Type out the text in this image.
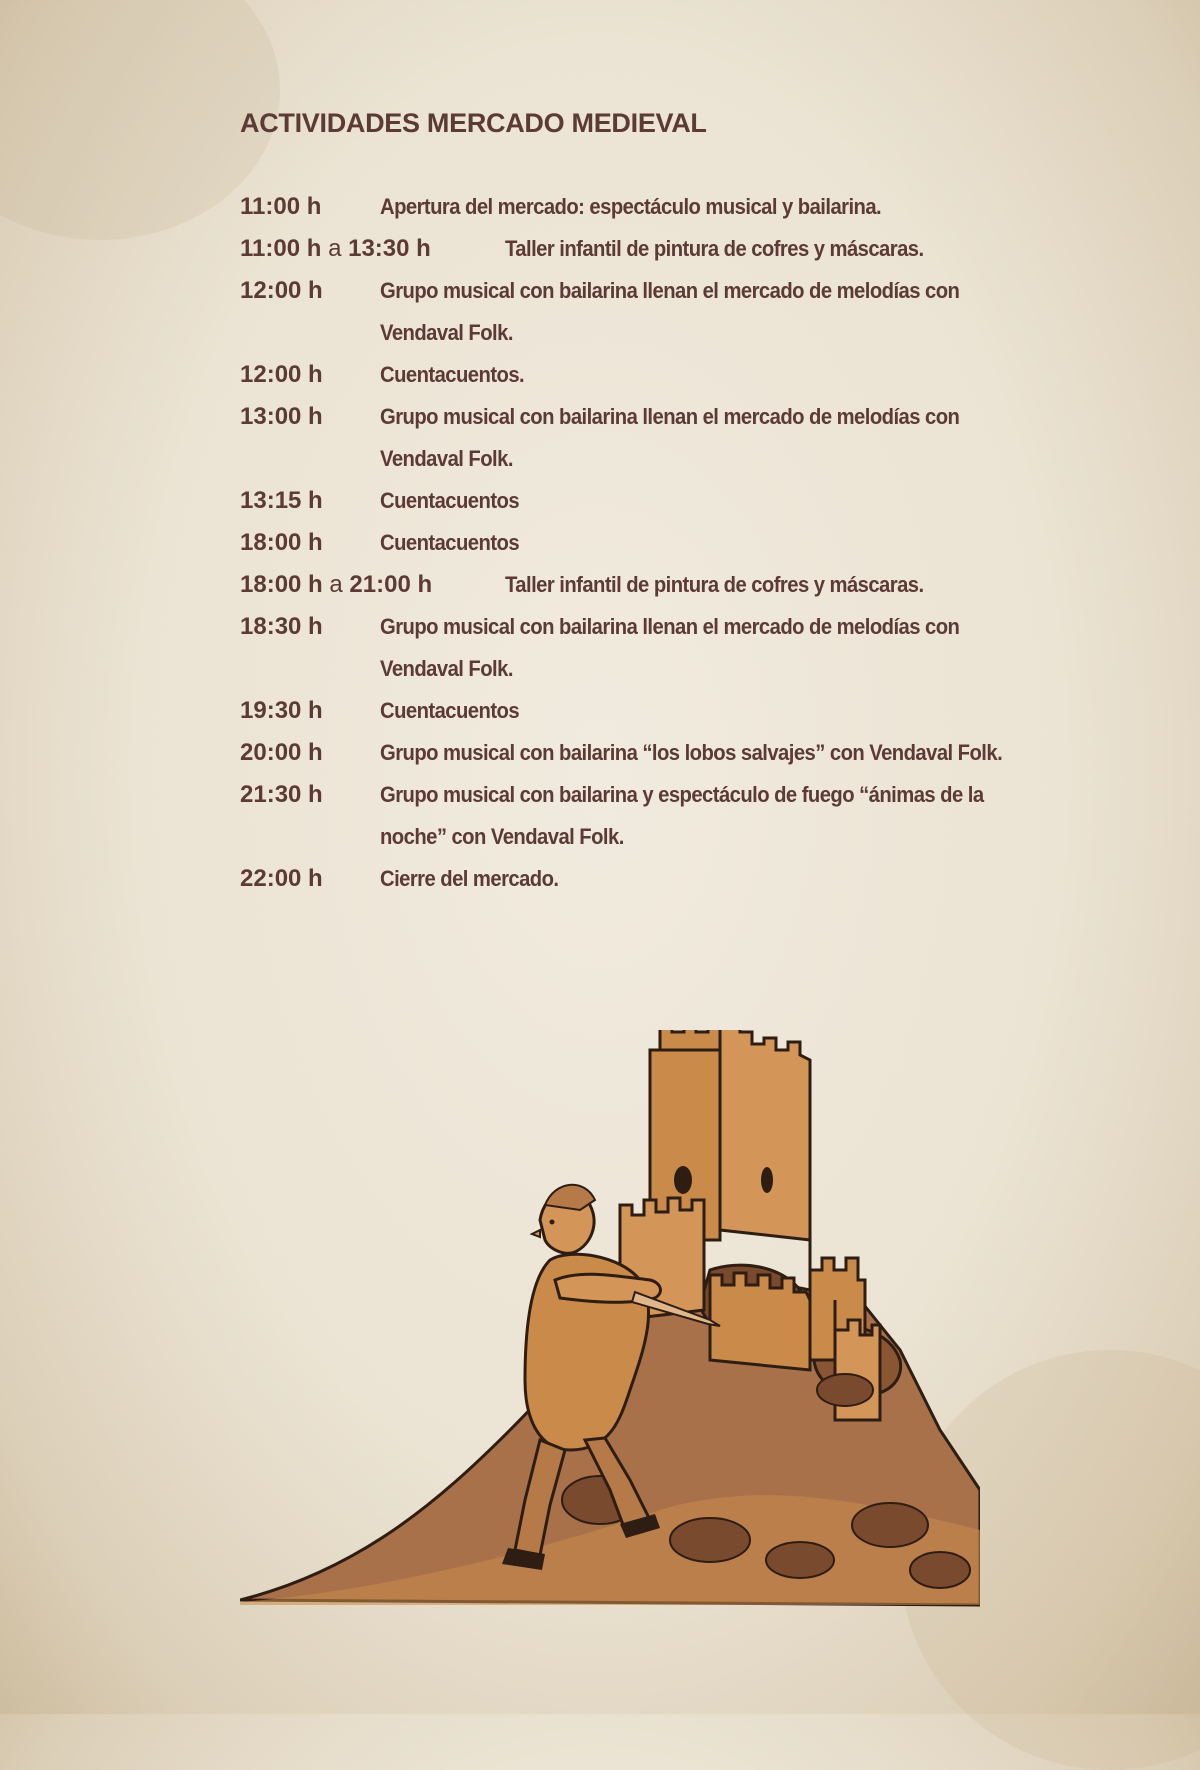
ACTIVIDADES MERCADO MEDIEVAL
11:00 h	Apertura del mercado: espectáculo musical y bailarina.
11:00 h a 13:30 h	Taller infantil de pintura de cofres y máscaras.
12:00 h	Grupo musical con bailarina llenan el mercado de melodías con Vendaval Folk.
12:00 h	Cuentacuentos.
13:00 h	Grupo musical con bailarina llenan el mercado de melodías con Vendaval Folk.
13:15 h	Cuentacuentos
18:00 h	Cuentacuentos
18:00 h a 21:00 h	Taller infantil de pintura de cofres y máscaras.
18:30 h	Grupo musical con bailarina llenan el mercado de melodías con Vendaval Folk.
19:30 h	Cuentacuentos
20:00 h	Grupo musical con bailarina “los lobos salvajes” con Vendaval Folk.
21:30 h	Grupo musical con bailarina y espectáculo de fuego “ánimas de la noche” con Vendaval Folk.
22:00 h	Cierre del mercado.
